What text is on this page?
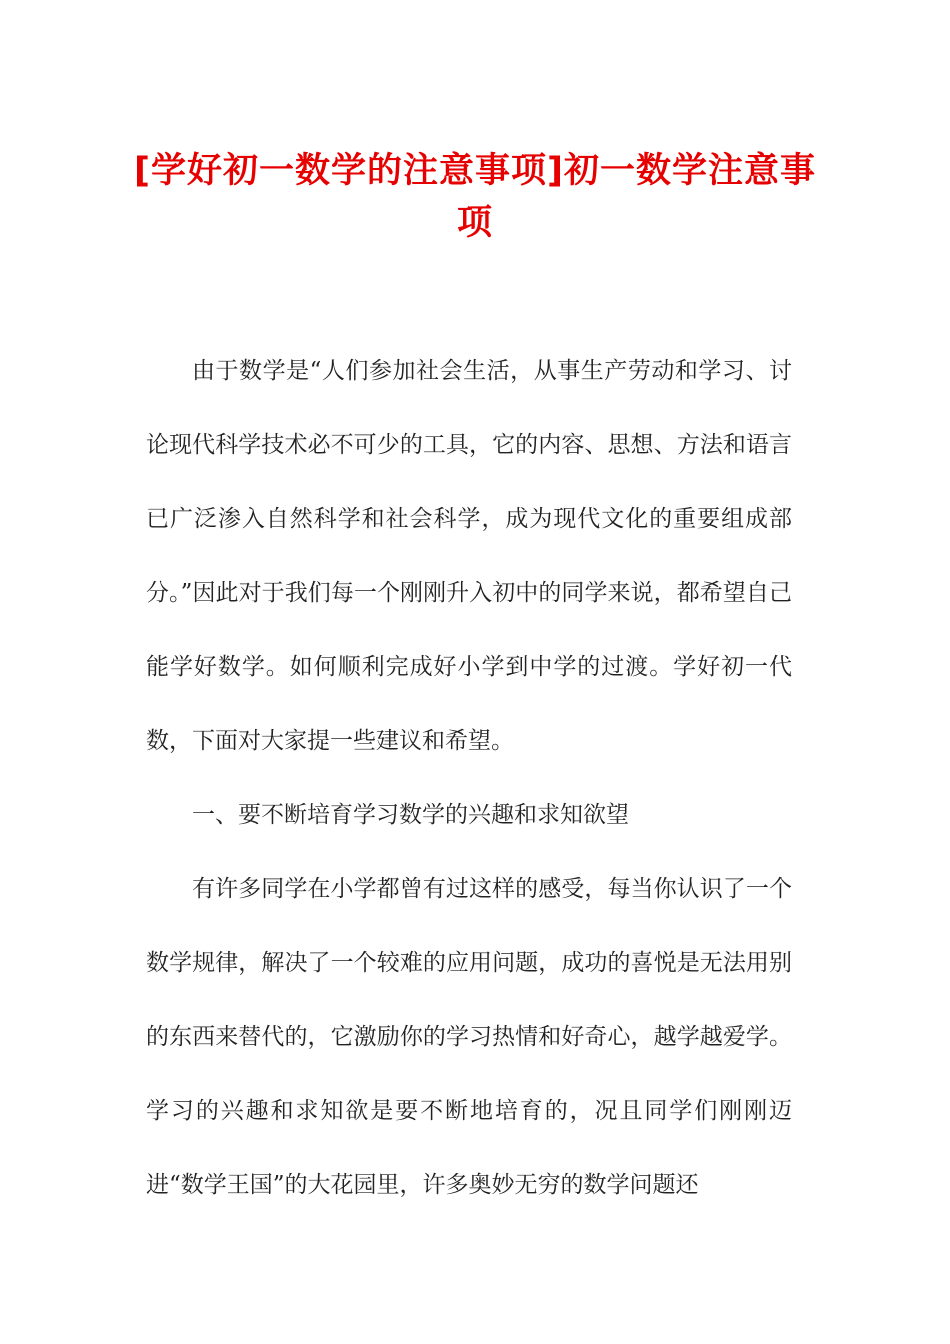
[学好初一数学的注意事项]初一数学注意事项

由于数学是“人们参加社会生活，从事生产劳动和学习、讨论现代科学技术必不可少的工具，它的内容、思想、方法和语言已广泛渗入自然科学和社会科学，成为现代文化的重要组成部分。”因此对于我们每一个刚刚升入初中的同学来说，都希望自己能学好数学。如何顺利完成好小学到中学的过渡。学好初一代数，下面对大家提一些建议和希望。

一、要不断培育学习数学的兴趣和求知欲望

有许多同学在小学都曾有过这样的感受，每当你认识了一个数学规律，解决了一个较难的应用问题，成功的喜悦是无法用别的东西来替代的，它激励你的学习热情和好奇心，越学越爱学。学习的兴趣和求知欲是要不断地培育的，况且同学们刚刚迈进“数学王国”的大花园里，许多奥妙无穷的数学问题还
